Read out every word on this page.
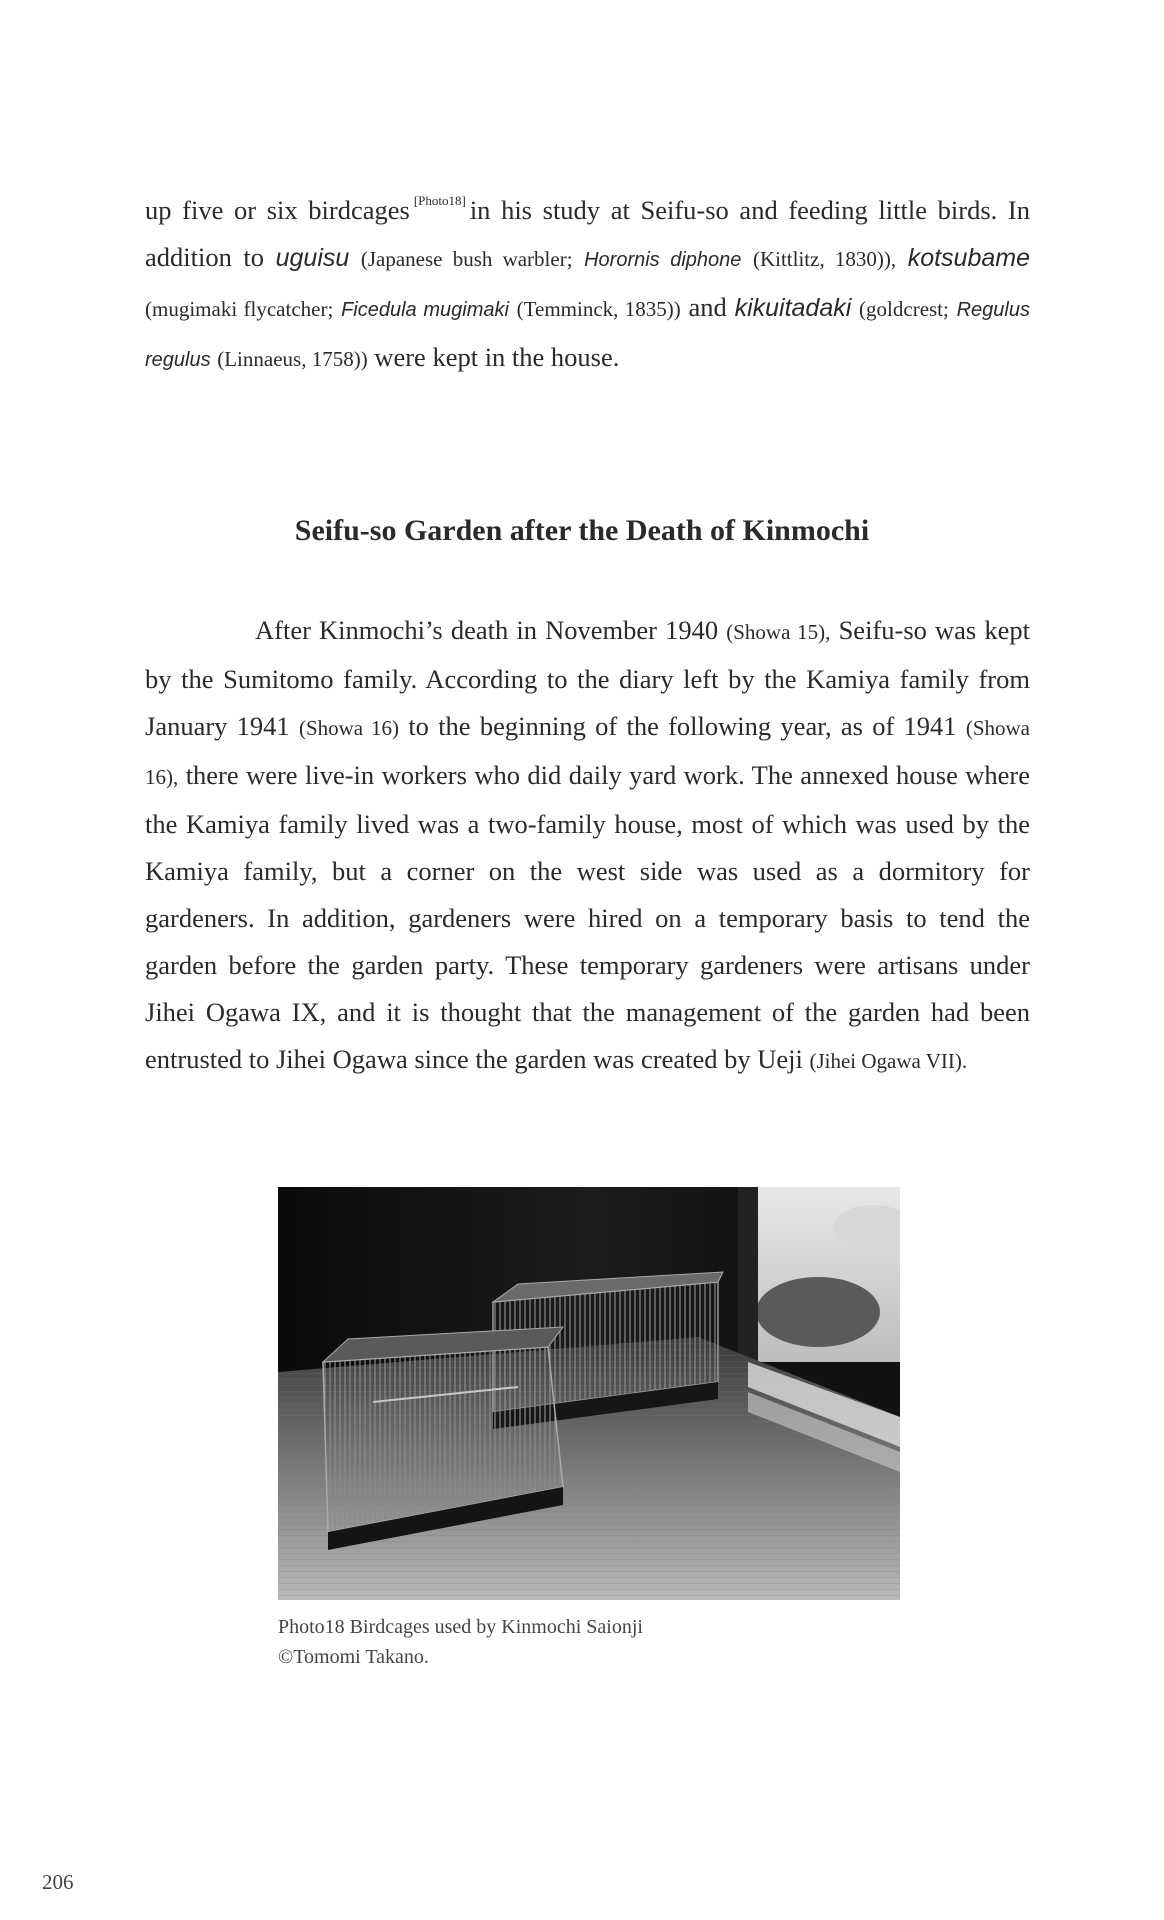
up five or six birdcages [Photo18] in his study at Seifu-so and feeding little birds. In addition to uguisu (Japanese bush warbler; Horornis diphone (Kittlitz, 1830)), kotsubame (mugimaki flycatcher; Ficedula mugimaki (Temminck, 1835)) and kikuitadaki (goldcrest; Regulus regulus (Linnaeus, 1758)) were kept in the house.
Seifu-so Garden after the Death of Kinmochi
After Kinmochi’s death in November 1940 (Showa 15), Seifu-so was kept by the Sumitomo family. According to the diary left by the Kamiya family from January 1941 (Showa 16) to the beginning of the following year, as of 1941 (Showa 16), there were live-in workers who did daily yard work. The annexed house where the Kamiya family lived was a two-family house, most of which was used by the Kamiya family, but a corner on the west side was used as a dormitory for gardeners. In addition, gardeners were hired on a temporary basis to tend the garden before the garden party. These temporary gardeners were artisans under Jihei Ogawa IX, and it is thought that the management of the garden had been entrusted to Jihei Ogawa since the garden was created by Ueji (Jihei Ogawa VII).
Photo18 Birdcages used by Kinmochi Saionji
©Tomomi Takano.
206
